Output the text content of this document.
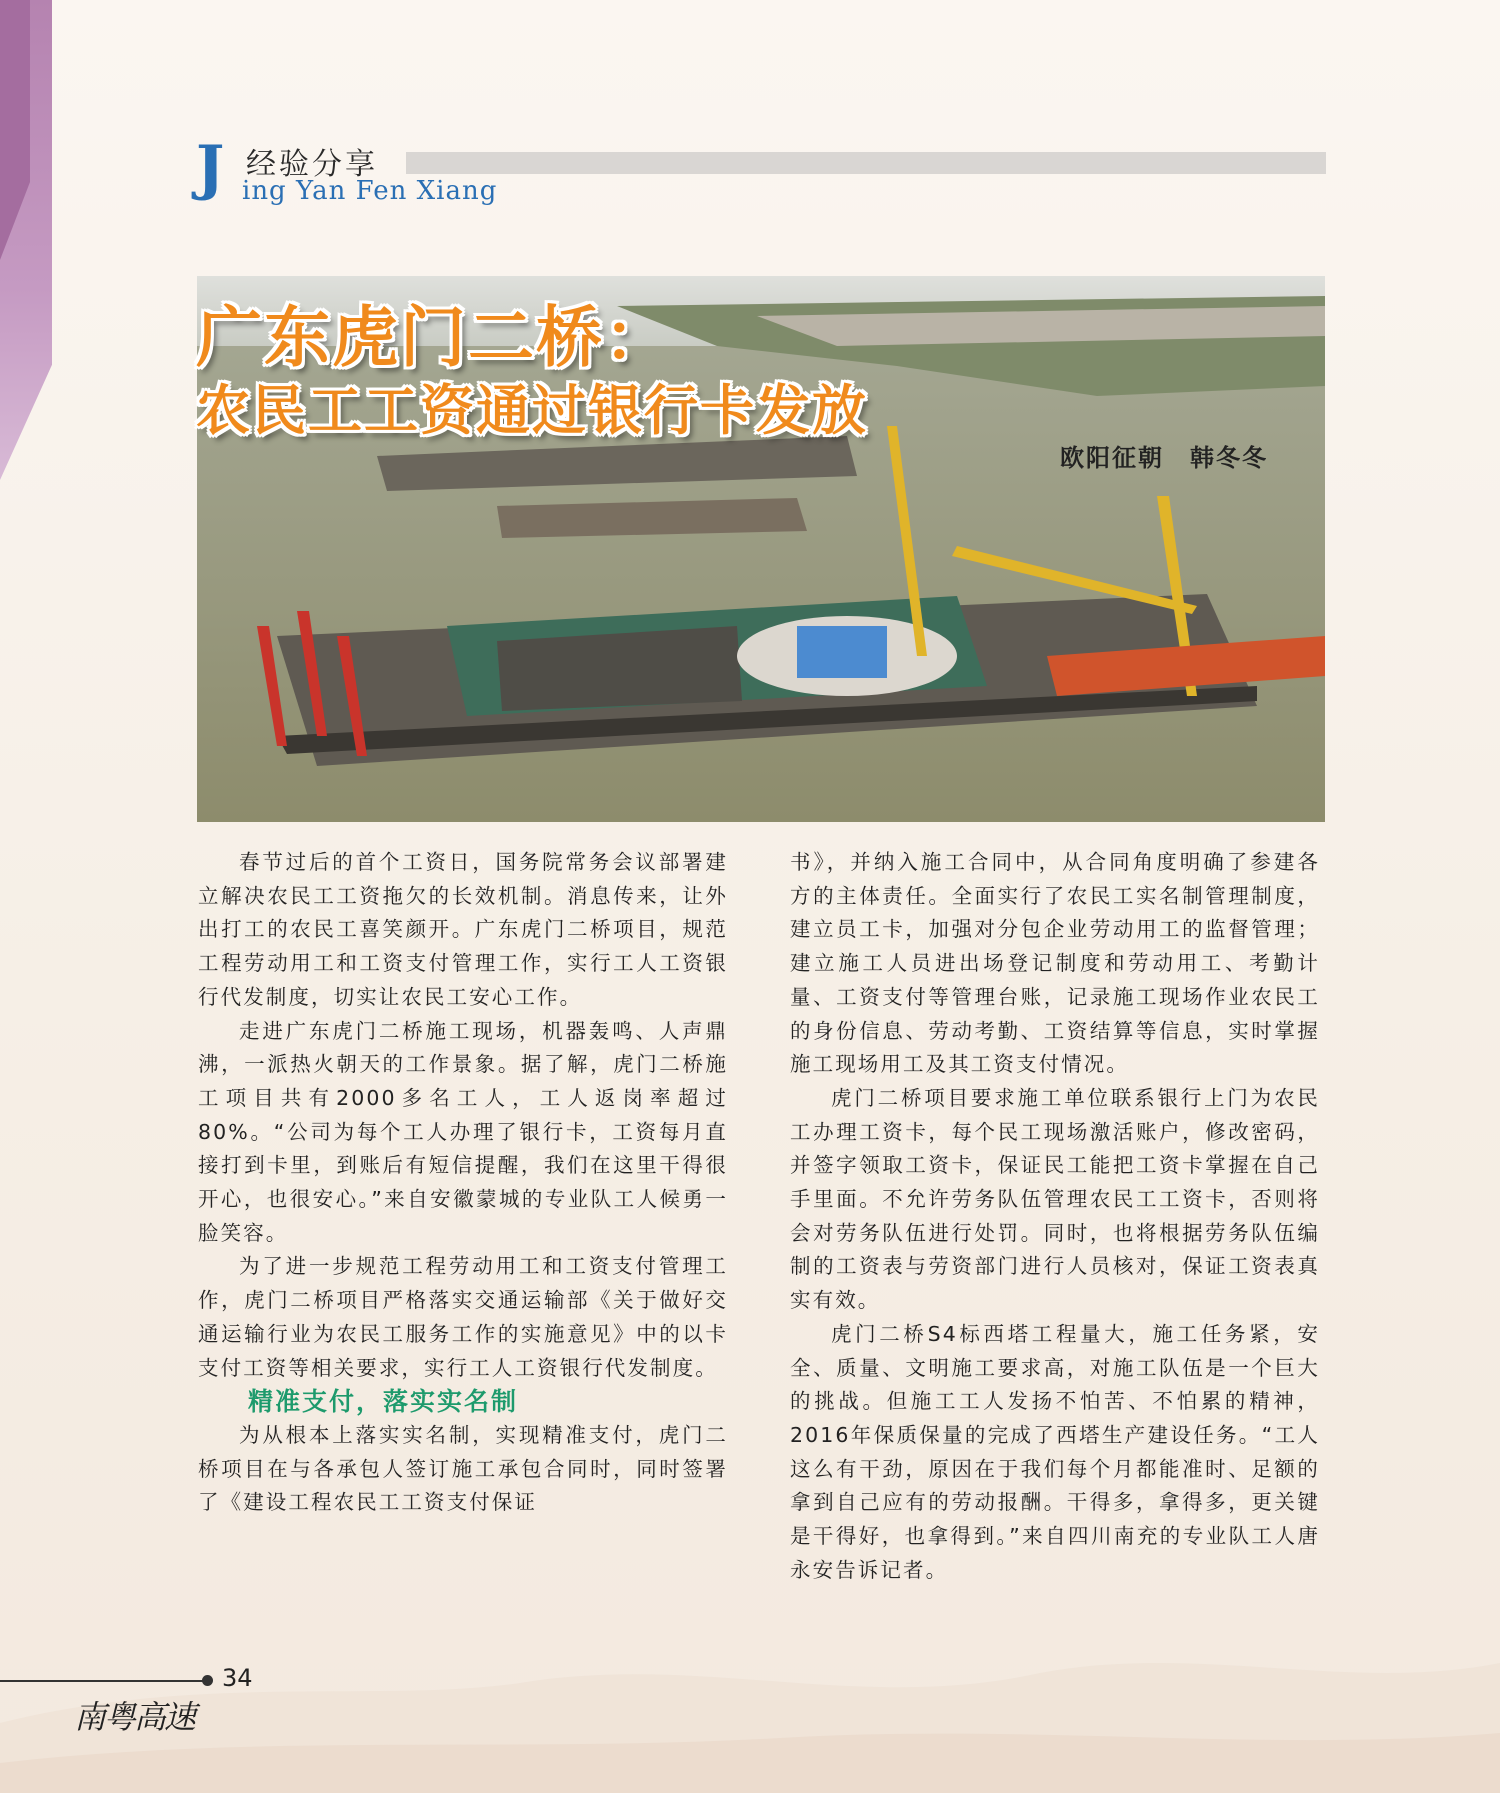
J 经验分享
ing Yan Fen Xiang
广东虎门二桥：
农民工工资通过银行卡发放
欧阳征朝　韩冬冬

春节过后的首个工资日，国务院常务会议部署建立解决农民工工资拖欠的长效机制。消息传来，让外出打工的农民工喜笑颜开。广东虎门二桥项目，规范工程劳动用工和工资支付管理工作，实行工人工资银行代发制度，切实让农民工安心工作。

走进广东虎门二桥施工现场，机器轰鸣、人声鼎沸，一派热火朝天的工作景象。据了解，虎门二桥施工项目共有2000多名工人，工人返岗率超过80%。“公司为每个工人办理了银行卡，工资每月直接打到卡里，到账后有短信提醒，我们在这里干得很开心，也很安心。”来自安徽蒙城的专业队工人候勇一脸笑容。

为了进一步规范工程劳动用工和工资支付管理工作，虎门二桥项目严格落实交通运输部《关于做好交通运输行业为农民工服务工作的实施意见》中的以卡支付工资等相关要求，实行工人工资银行代发制度。

精准支付，落实实名制

为从根本上落实实名制，实现精准支付，虎门二桥项目在与各承包人签订施工承包合同时，同时签署了《建设工程农民工工资支付保证

书》，并纳入施工合同中，从合同角度明确了参建各方的主体责任。全面实行了农民工实名制管理制度，建立员工卡，加强对分包企业劳动用工的监督管理；建立施工人员进出场登记制度和劳动用工、考勤计量、工资支付等管理台账，记录施工现场作业农民工的身份信息、劳动考勤、工资结算等信息，实时掌握施工现场用工及其工资支付情况。

虎门二桥项目要求施工单位联系银行上门为农民工办理工资卡，每个民工现场激活账户，修改密码，并签字领取工资卡，保证民工能把工资卡掌握在自己手里面。不允许劳务队伍管理农民工工资卡，否则将会对劳务队伍进行处罚。同时，也将根据劳务队伍编制的工资表与劳资部门进行人员核对，保证工资表真实有效。

虎门二桥S4标西塔工程量大，施工任务紧，安全、质量、文明施工要求高，对施工队伍是一个巨大的挑战。但施工工人发扬不怕苦、不怕累的精神，2016年保质保量的完成了西塔生产建设任务。“工人这么有干劲，原因在于我们每个月都能准时、足额的拿到自己应有的劳动报酬。干得多，拿得多，更关键是干得好，也拿得到。”来自四川南充的专业队工人唐永安告诉记者。

34
南粤高速
